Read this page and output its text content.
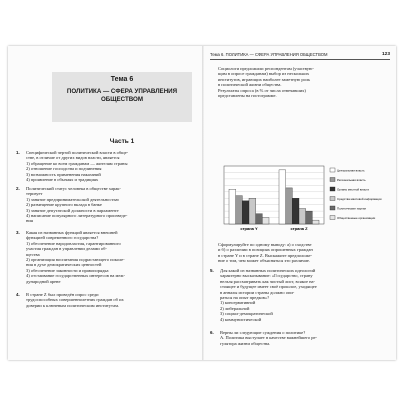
Тема 6
ПОЛИТИКА — СФЕРА УПРАВЛЕНИЯ
ОБЩЕСТВОМ
Часть 1
1. Специфической чертой политической власти в обще-
стве, в отличие от других видов власти, является
1) обращение ко всем гражданам — жителям страны
2) отношение господства и подчинения
3) возможность применения наказаний
4) проявление в обычаях и традициях
2. Политический статус человека в обществе харак-
теризует
1) занятие предпринимательской деятельностью
2) размещение крупного вклада в банке
3) занятие депутатской должности в парламенте
4) написание популярного литературного произведе-
ния
3. Какая из названных функций является внешней
функцией современного государства?
1) обеспечение народовластия, гарантированного
участия граждан в управлении делами об-
щества
2) организация воспитания подрастающего поколе-
ния в духе демократических ценностей
3) обеспечение законности и правопорядка
4) отстаивание государственных интересов на меж-
дународной арене
4. В стране Z был проведён опрос среди
трудоспособных совершеннолетних граждан об их
доверии к ключевым политическим институтам.
Тема 6. ПОЛИТИКА — СФЕРА УПРАВЛЕНИЯ ОБЩЕСТВОМ	123
Социологи предложили респондентам (участвую-
щим в опросе гражданам) выбор из нескольких
институтов, играющих наиболее заметную роль
в политической жизни общества.
Результаты опроса (в % от числа отвечавших)
представлены на гистограмме.
страна Y	страна Z
Центральная власть
Региональная власть
Органы местной власти
Средства массовой информации
Политические партии
Общественные организации
Сформулируйте по одному выводу: а) о сходстве
и б) о различии в позициях опрошенных граждан
в стране Y и в стране Z. Выскажите предположе-
ние о том, чем может объясняться это различие.
5. Для какой из названных политических идеологий
характерно высказывание: «Государство, страну
нельзя рассматривать как чистый лист, всякое на-
стоящее и будущее имеет своё прошлое, уходящее
в анналы истории страны должно опи-
раться на опыт предков»?
1) консервативной
2) либеральной
3) социал-демократической
4) коммунистической
6. Верны ли следующие суждения о политике?
А. Политика выступает в качестве важнейшего ре-
гулятора жизни общества.
